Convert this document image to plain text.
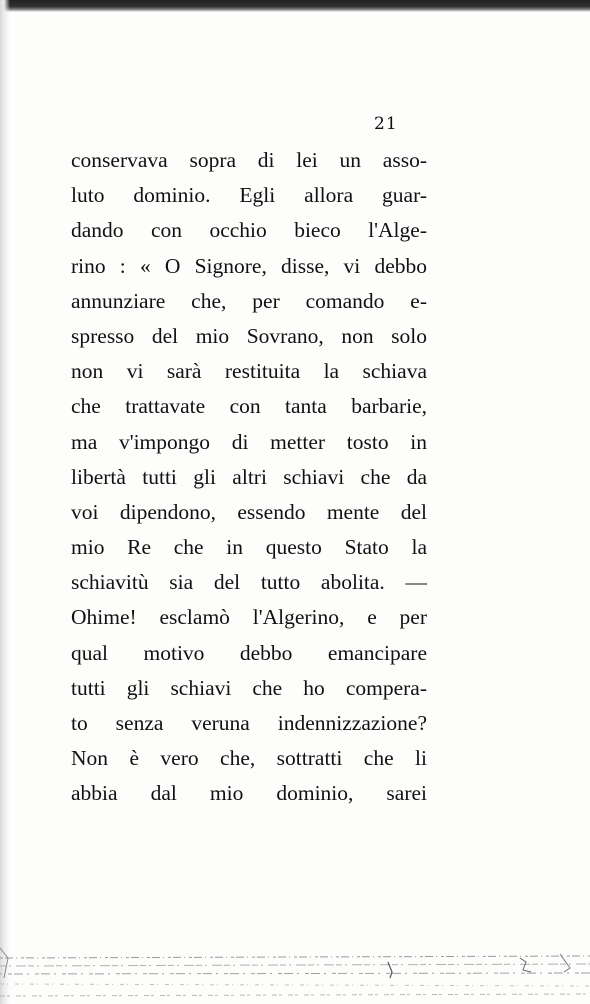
21
conservava sopra di lei un asso-
luto dominio. Egli allora guar-
dando con occhio bieco l'Alge-
rino : « O Signore, disse, vi debbo
annunziare che, per comando e-
spresso del mio Sovrano, non solo
non vi sarà restituita la schiava
che trattavate con tanta barbarie,
ma v'impongo di metter tosto in
libertà tutti gli altri schiavi che da
voi dipendono, essendo mente del
mio Re che in questo Stato la
schiavitù sia del tutto abolita. —
Ohime! esclamò l'Algerino, e per
qual motivo debbo emancipare
tutti gli schiavi che ho compera-
to senza veruna indennizzazione?
Non è vero che, sottratti che li
abbia dal mio dominio, sarei
